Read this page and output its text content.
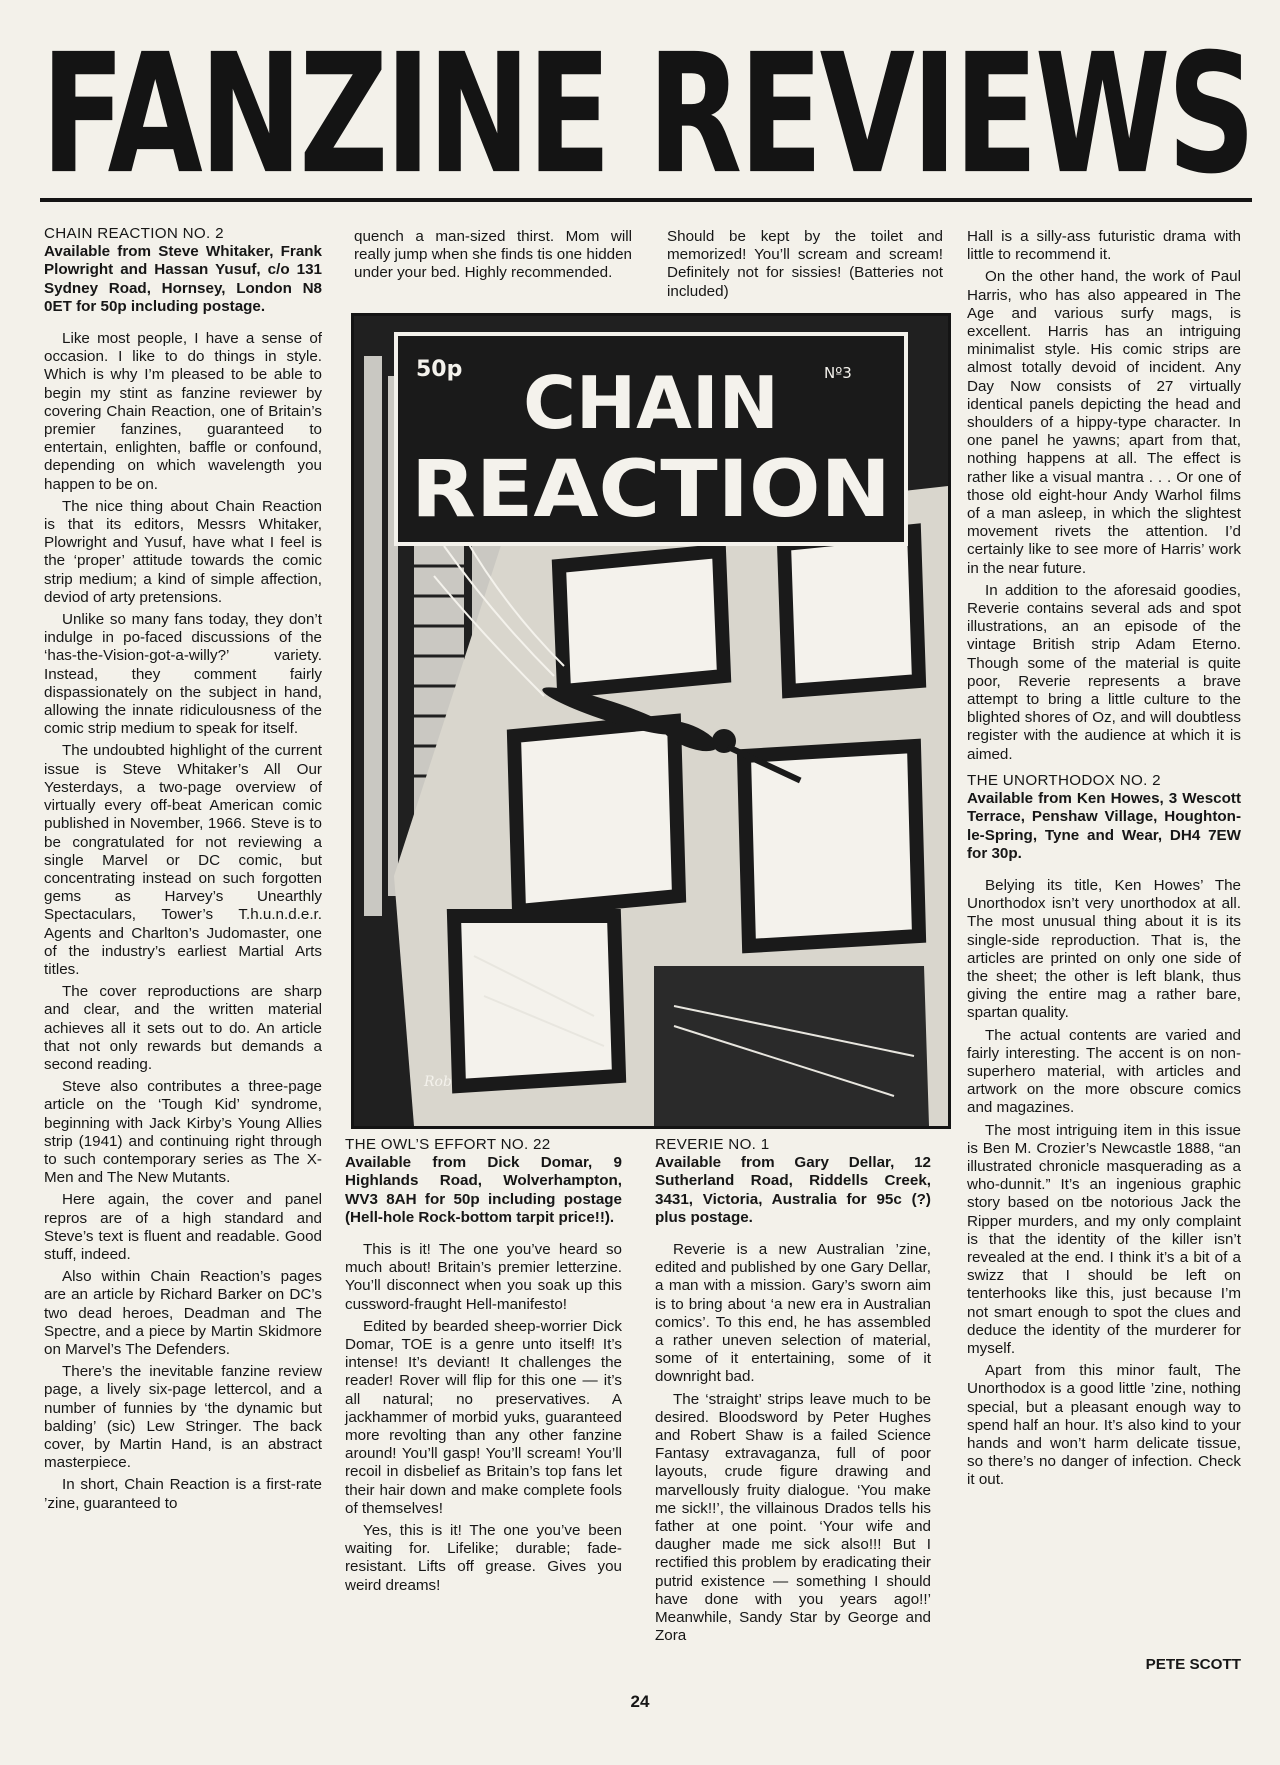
FANZINE REVIEWS

CHAIN REACTION NO. 2

Available from Steve Whitaker, Frank Plowright and Hassan Yusuf, c/o 131 Sydney Road, Hornsey, London N8 0ET for 50p including postage.

Like most people, I have a sense of occasion. I like to do things in style. Which is why I’m pleased to be able to begin my stint as fanzine reviewer by covering Chain Reaction, one of Britain’s premier fanzines, guaranteed to entertain, enlighten, baffle or confound, depending on which wavelength you happen to be on.

The nice thing about Chain Reaction is that its editors, Messrs Whitaker, Plowright and Yusuf, have what I feel is the ‘proper’ attitude towards the comic strip medium; a kind of simple affection, deviod of arty pretensions.

Unlike so many fans today, they don’t indulge in po-faced discussions of the ‘has-the-Vision-got-a-willy?’ variety. Instead, they comment fairly dispassionately on the subject in hand, allowing the innate ridiculousness of the comic strip medium to speak for itself.

The undoubted highlight of the current issue is Steve Whitaker’s All Our Yesterdays, a two-page overview of virtually every off-beat American comic published in November, 1966. Steve is to be congratulated for not reviewing a single Marvel or DC comic, but concentrating instead on such forgotten gems as Harvey’s Unearthly Spectaculars, Tower’s T.h.u.n.d.e.r. Agents and Charlton’s Judomaster, one of the industry’s earliest Martial Arts titles.

The cover reproductions are sharp and clear, and the written material achieves all it sets out to do. An article that not only rewards but demands a second reading.

Steve also contributes a three-page article on the ‘Tough Kid’ syndrome, beginning with Jack Kirby’s Young Allies strip (1941) and continuing right through to such contemporary series as The X-Men and The New Mutants.

Here again, the cover and panel repros are of a high standard and Steve’s text is fluent and readable. Good stuff, indeed.

Also within Chain Reaction’s pages are an article by Richard Barker on DC’s two dead heroes, Deadman and The Spectre, and a piece by Martin Skidmore on Marvel’s The Defenders.

There’s the inevitable fanzine review page, a lively six-page lettercol, and a number of funnies by ‘the dynamic but balding’ (sic) Lew Stringer. The back cover, by Martin Hand, is an abstract masterpiece.

In short, Chain Reaction is a first-rate ’zine, guaranteed to

quench a man-sized thirst. Mom will really jump when she finds tis one hidden under your bed. Highly recommended.

Should be kept by the toilet and memorized! You’ll scream and scream! Definitely not for sissies! (Batteries not included)

50p	Nº3
CHAIN
REACTION
Rob

THE OWL’S EFFORT NO. 22

Available from Dick Domar, 9 Highlands Road, Wolverhampton, WV3 8AH for 50p including postage (Hell-hole Rock-bottom tarpit price!!).

This is it! The one you’ve heard so much about! Britain’s premier letterzine. You’ll disconnect when you soak up this cussword-fraught Hell-manifesto!

Edited by bearded sheep-worrier Dick Domar, TOE is a genre unto itself! It’s intense! It’s deviant! It challenges the reader! Rover will flip for this one — it’s all natural; no preservatives. A jackhammer of morbid yuks, guaranteed more revolting than any other fanzine around! You’ll gasp! You’ll scream! You’ll recoil in disbelief as Britain’s top fans let their hair down and make complete fools of themselves!

Yes, this is it! The one you’ve been waiting for. Lifelike; durable; fade-resistant. Lifts off grease. Gives you weird dreams!

REVERIE NO. 1

Available from Gary Dellar, 12 Sutherland Road, Riddells Creek, 3431, Victoria, Australia for 95c (?) plus postage.

Reverie is a new Australian ’zine, edited and published by one Gary Dellar, a man with a mission. Gary’s sworn aim is to bring about ‘a new era in Australian comics’. To this end, he has assembled a rather uneven selection of material, some of it entertaining, some of it downright bad.

The ‘straight’ strips leave much to be desired. Bloodsword by Peter Hughes and Robert Shaw is a failed Science Fantasy extravaganza, full of poor layouts, crude figure drawing and marvellously fruity dialogue. ‘You make me sick!!’, the villainous Drados tells his father at one point. ‘Your wife and daugher made me sick also!!! But I rectified this problem by eradicating their putrid existence — something I should have done with you years ago!!’ Meanwhile, Sandy Star by George and Zora

Hall is a silly-ass futuristic drama with little to recommend it.

On the other hand, the work of Paul Harris, who has also appeared in The Age and various surfy mags, is excellent. Harris has an intriguing minimalist style. His comic strips are almost totally devoid of incident. Any Day Now consists of 27 virtually identical panels depicting the head and shoulders of a hippy-type character. In one panel he yawns; apart from that, nothing happens at all. The effect is rather like a visual mantra . . . Or one of those old eight-hour Andy Warhol films of a man asleep, in which the slightest movement rivets the attention. I’d certainly like to see more of Harris’ work in the near future.

In addition to the aforesaid goodies, Reverie contains several ads and spot illustrations, an an episode of the vintage British strip Adam Eterno. Though some of the material is quite poor, Reverie represents a brave attempt to bring a little culture to the blighted shores of Oz, and will doubtless register with the audience at which it is aimed.

THE UNORTHODOX NO. 2

Available from Ken Howes, 3 Wescott Terrace, Penshaw Village, Houghton-le-Spring, Tyne and Wear, DH4 7EW for 30p.

Belying its title, Ken Howes’ The Unorthodox isn’t very unorthodox at all. The most unusual thing about it is its single-side reproduction. That is, the articles are printed on only one side of the sheet; the other is left blank, thus giving the entire mag a rather bare, spartan quality.

The actual contents are varied and fairly interesting. The accent is on non-superhero material, with articles and artwork on the more obscure comics and magazines.

The most intriguing item in this issue is Ben M. Crozier’s Newcastle 1888, “an illustrated chronicle masquerading as a who-dunnit.” It’s an ingenious graphic story based on tbe notorious Jack the Ripper murders, and my only complaint is that the identity of the killer isn’t revealed at the end. I think it’s a bit of a swizz that I should be left on tenterhooks like this, just because I’m not smart enough to spot the clues and deduce the identity of the murderer for myself.

Apart from this minor fault, The Unorthodox is a good little ’zine, nothing special, but a pleasant enough way to spend half an hour. It’s also kind to your hands and won’t harm delicate tissue, so there’s no danger of infection. Check it out.

PETE SCOTT

24
